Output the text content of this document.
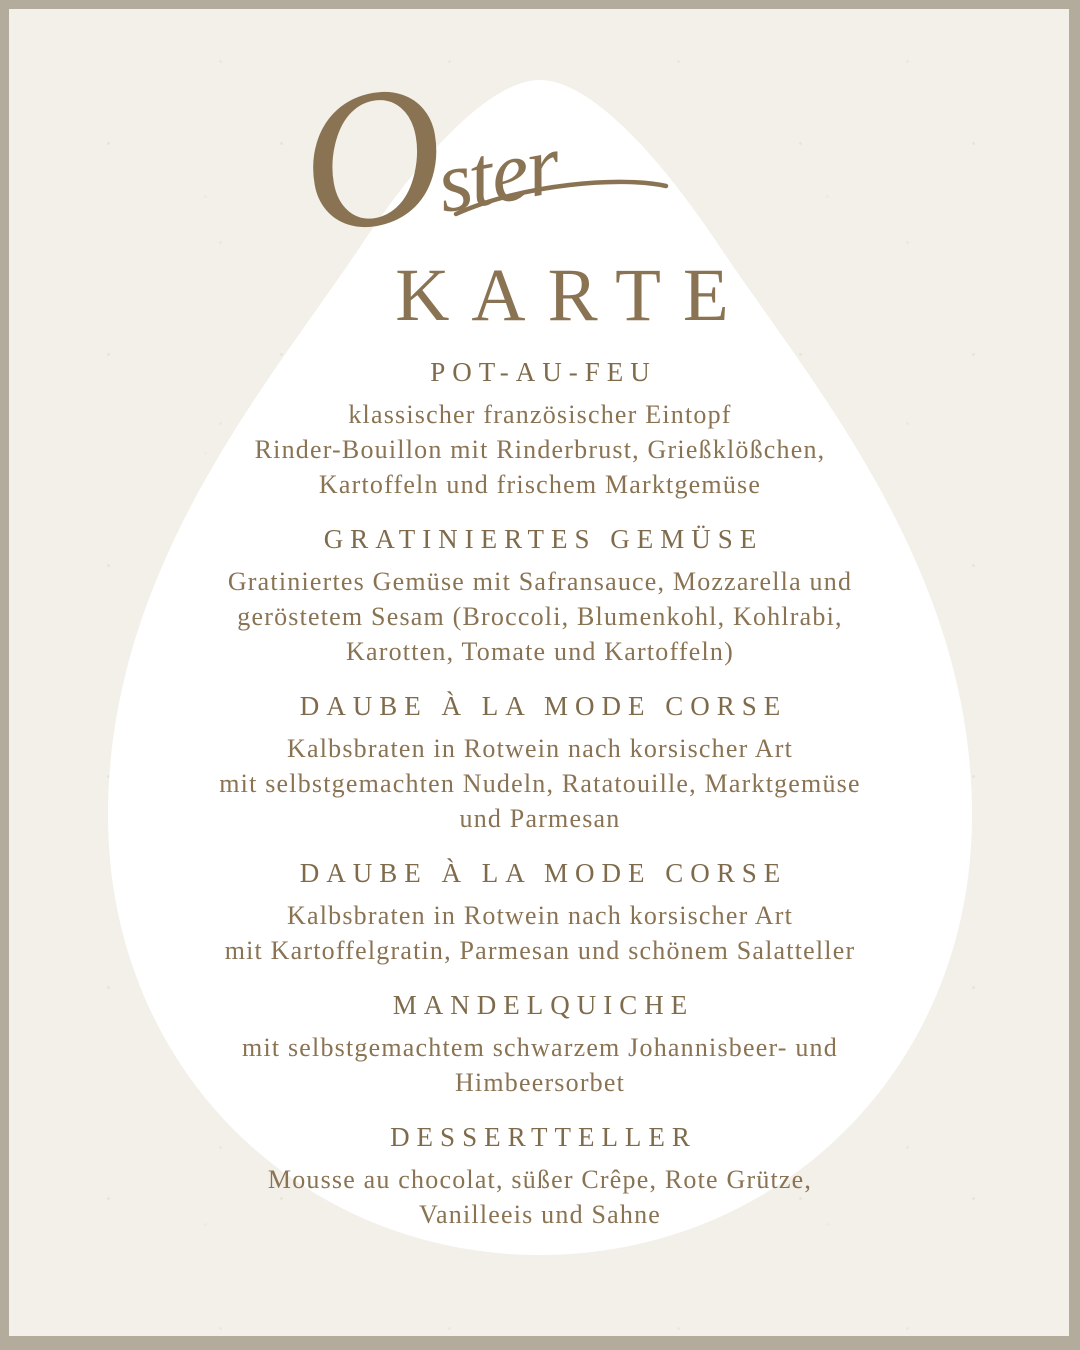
Oster
KARTE
POT-AU-FEU
klassischer französischer Eintopf
Rinder-Bouillon mit Rinderbrust, Grießklößchen,
Kartoffeln und frischem Marktgemüse
GRATINIERTES GEMÜSE
Gratiniertes Gemüse mit Safransauce, Mozzarella und
geröstetem Sesam (Broccoli, Blumenkohl, Kohlrabi,
Karotten, Tomate und Kartoffeln)
DAUBE À LA MODE CORSE
Kalbsbraten in Rotwein nach korsischer Art
mit selbstgemachten Nudeln, Ratatouille, Marktgemüse
und Parmesan
DAUBE À LA MODE CORSE
Kalbsbraten in Rotwein nach korsischer Art
mit Kartoffelgratin, Parmesan und schönem Salatteller
MANDELQUICHE
mit selbstgemachtem schwarzem Johannisbeer- und
Himbeersorbet
DESSERTTELLER
Mousse au chocolat, süßer Crêpe, Rote Grütze,
Vanilleeis und Sahne
